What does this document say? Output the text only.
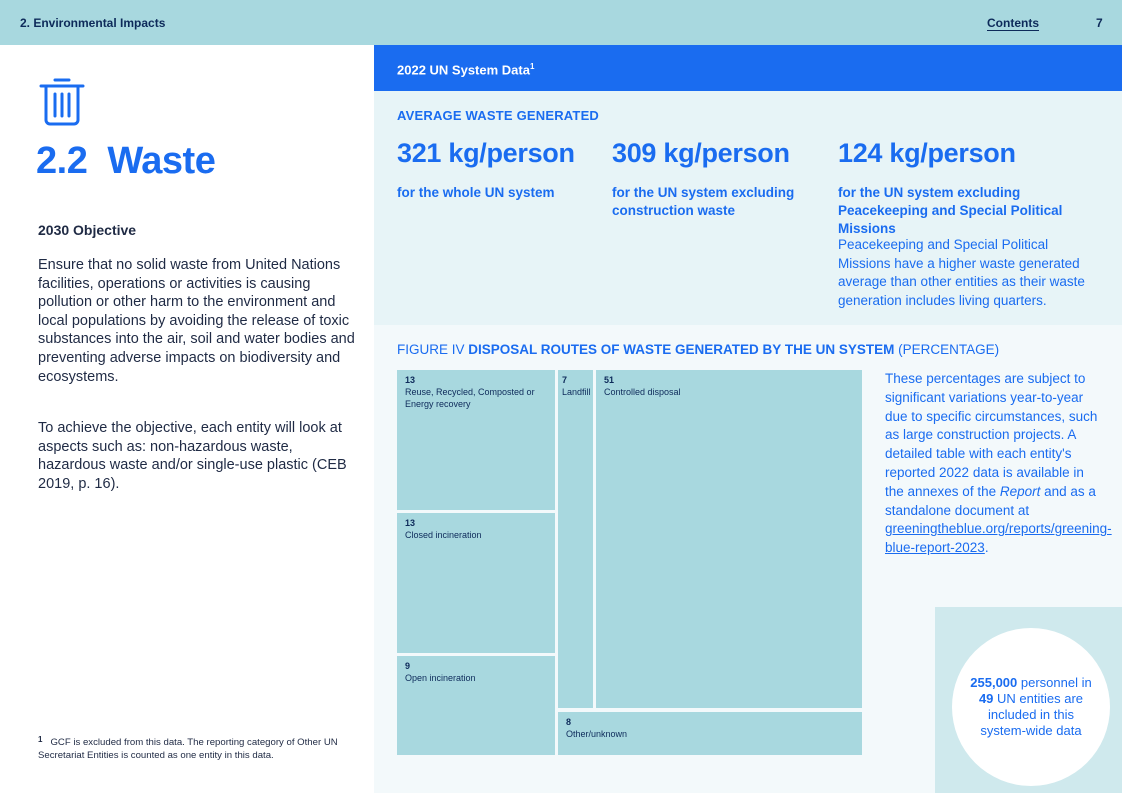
2. Environmental Impacts	Contents	7
2.2 Waste
2030 Objective

Ensure that no solid waste from United Nations facilities, operations or activities is causing pollution or other harm to the environment and local populations by avoiding the release of toxic substances into the air, soil and water bodies and preventing adverse impacts on biodiversity and ecosystems.

To achieve the objective, each entity will look at aspects such as: non-hazardous waste, hazardous waste and/or single-use plastic (CEB 2019, p. 16).

$^1$ GCF is excluded from this data. The reporting category of Other UN Secretariat Entities is counted as one entity in this data.
2022 UN System Data$^1$
AVERAGE WASTE GENERATED
321 kg/person 309 kg/person 124 kg/person
for the whole UN system	for the UN system excluding construction waste
for the UN system excluding Peacekeeping and Special Political Missions

Peacekeeping and Special Political Missions have a higher waste generated average than other entities as their waste generation includes living quarters.

FIGURE IV DISPOSAL ROUTES OF WASTE GENERATED BY THE UN SYSTEM (PERCENTAGE)
13
Reuse, Recycled, Composted or Energy recovery
13
Closed incineration
9
Open incineration
7
Landfill
51
Controlled disposal
8
Other/unknown

These percentages are subject to significant variations year-to-year due to specific circumstances, such as large construction projects. A detailed table with each entity's reported 2022 data is available in the annexes of the Report and as a standalone document at greeningtheblue.org/reports/greening-blue-report-2023.

255,000 personnel in 49 UN entities are included in this system-wide data
